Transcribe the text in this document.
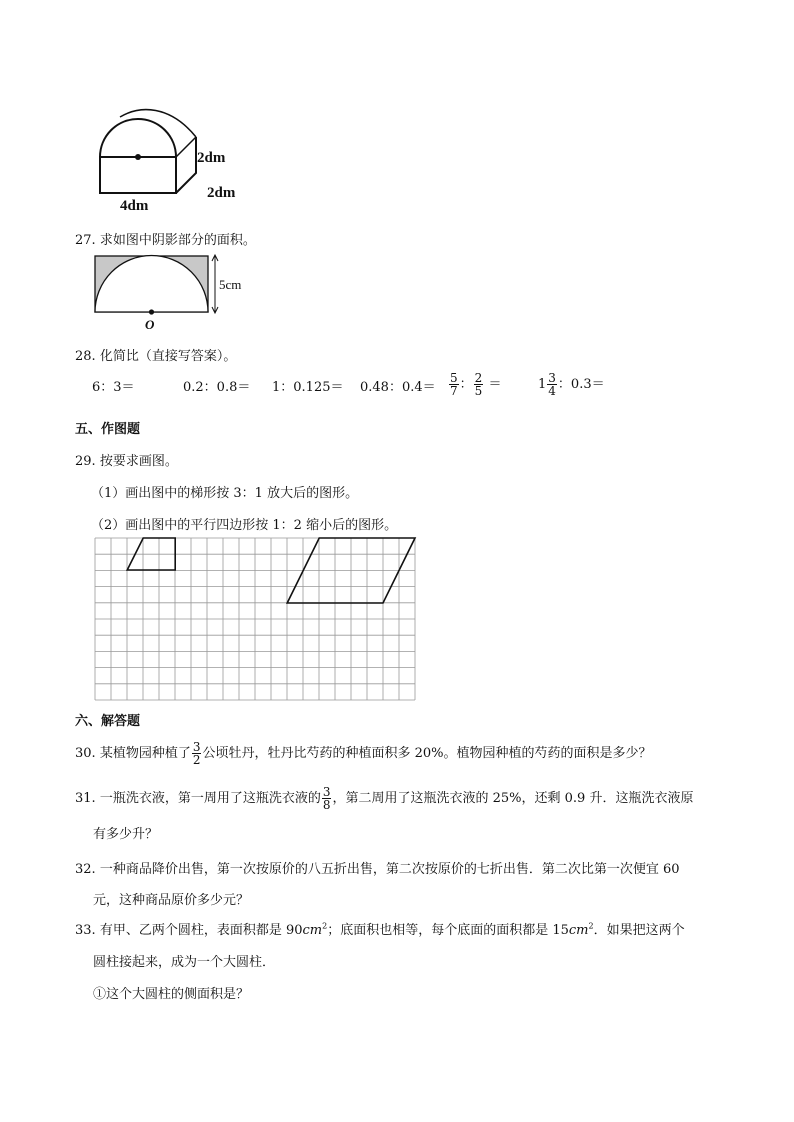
2dm
2dm
4dm
27. 求如图中阴影部分的面积。
5cm
O
28. 化简比（直接写答案）。
6：3＝	0.2：0.8＝ 1：0.125＝ 0.48：$0.4= \frac{5}{7}$ ： $\frac{2}{5}$ ＝	$1 \frac{3}{4}$ ：0.3＝
五、作图题
29. 按要求画图。
（1）画出图中的梯形按 3：1 放大后的图形。
（2）画出图中的平行四边形按 1：2 缩小后的图形。
六、解答题
30. 某植物园种植了 $\frac{3}{2}$ 公顷牡丹，牡丹比芍药的种植面积多 20%。植物园种植的芍药的面积是多少？
31. 一瓶洗衣液，第一周用了这瓶洗衣液的 $\frac{3}{8}$ ，第二周用了这瓶洗衣液的 25%，还剩 0.9 升．这瓶洗衣液原
有多少升？
32. 一种商品降价出售，第一次按原价的八五折出售，第二次按原价的七折出售．第二次比第一次便宜 60
元，这种商品原价多少元？
33. 有甲、乙两个圆柱，表面积都是 $90cm^2$；底面积也相等，每个底面的面积都是 $15cm^2$．如果把这两个
圆柱接起来，成为一个大圆柱．
①这个大圆柱的侧面积是？
